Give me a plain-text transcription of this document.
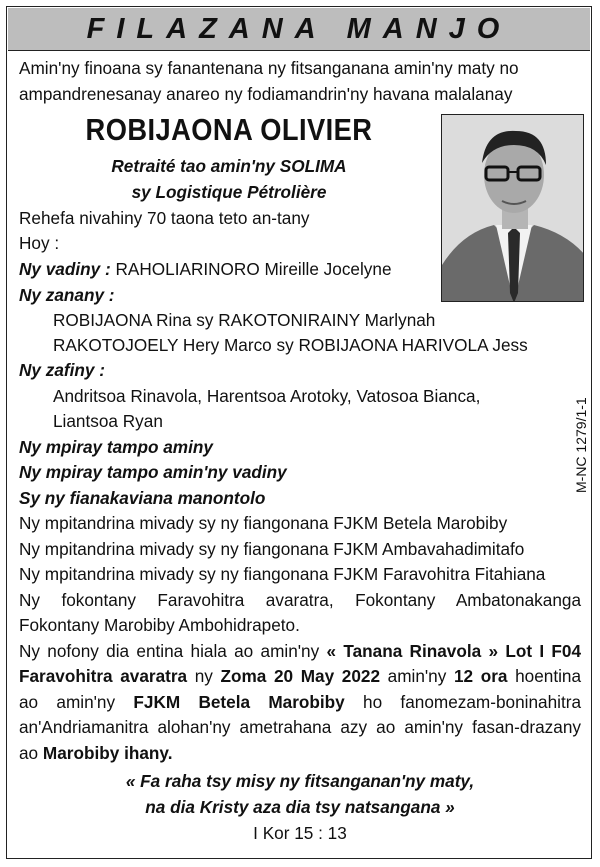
FILAZANA MANJO
Amin'ny finoana sy fanantenana ny fitsanganana amin'ny maty no
ampandrenesanay anareo ny fodiamandrin'ny havana malalanay
ROBIJAONA OLIVIER
Retraité tao amin'ny SOLIMA
sy Logistique Pétrolière
Rehefa nivahiny 70 taona teto an-tany
Hoy :
Ny vadiny : RAHOLIARINORO Mireille Jocelyne
Ny zanany :
ROBIJAONA Rina sy RAKOTONIRAINY Marlynah
RAKOTOJOELY Hery Marco sy ROBIJAONA HARIVOLA Jess
Ny zafiny :
Andritsoa Rinavola, Harentsoa Arotoky, Vatosoa Bianca,
Liantsoa Ryan
Ny mpiray tampo aminy
Ny mpiray tampo amin'ny vadiny
Sy ny fianakaviana manontolo
Ny mpitandrina mivady sy ny fiangonana FJKM Betela Marobiby
Ny mpitandrina mivady sy ny fiangonana FJKM Ambavahadimitafo
Ny mpitandrina mivady sy ny fiangonana FJKM Faravohitra Fitahiana
Ny fokontany Faravohitra avaratra, Fokontany Ambatonakanga
Fokontany Marobiby Ambohidrapeto.
Ny nofony dia entina hiala ao amin'ny « Tanana Rinavola » Lot I F04
Faravohitra avaratra ny Zoma 20 May 2022 amin'ny 12 ora hoentina
ao amin'ny FJKM Betela Marobiby ho fanomezam-boninahitra
an'Andriamanitra alohan'ny ametrahana azy ao amin'ny fasan-drazany
ao Marobiby ihany.
« Fa raha tsy misy ny fitsanganan'ny maty,
na dia Kristy aza dia tsy natsangana »
I Kor 15 : 13
M-NC 1279/1-1
